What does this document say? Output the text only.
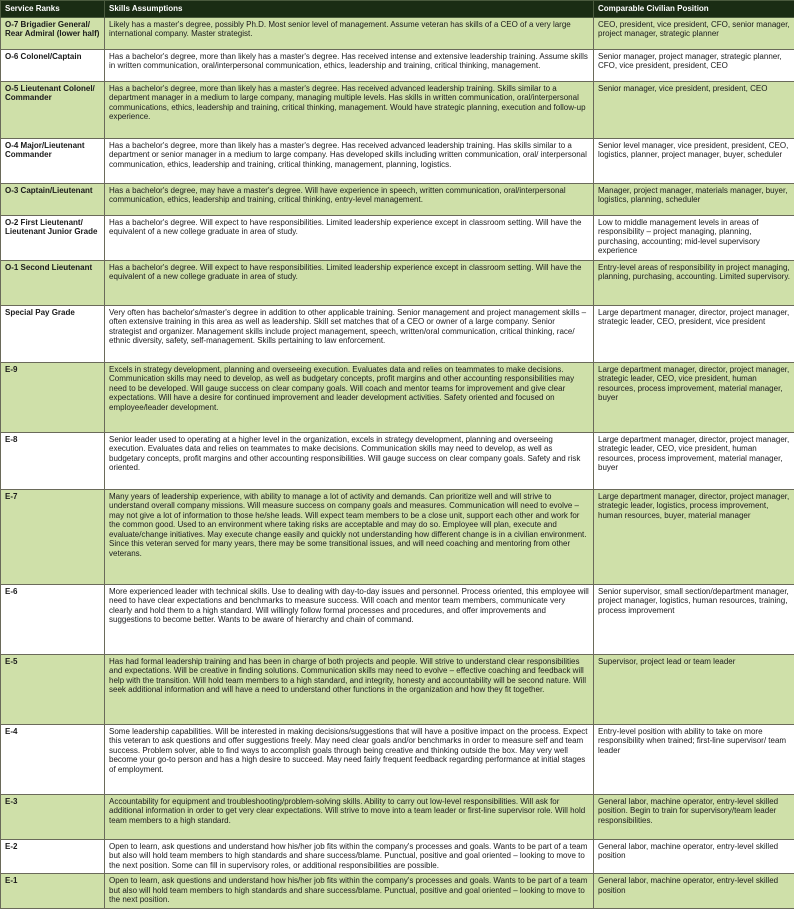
Service Ranks	Skills Assumptions	Comparable Civilian Position
O-7 Brigadier General/ Rear Admiral (lower half)	Likely has a master's degree, possibly Ph.D. Most senior level of management. Assume veteran has skills of a CEO of a very large international company. Master strategist.	CEO, president, vice president, CFO, senior manager, project manager, strategic planner
O-6 Colonel/Captain	Has a bachelor's degree, more than likely has a master's degree. Has received intense and extensive leadership training. Assume skills in written communication, oral/interpersonal communication, ethics, leadership and training, critical thinking, management.	Senior manager, project manager, strategic planner, CFO, vice president, president, CEO
O-5 Lieutenant Colonel/ Commander	Has a bachelor's degree, more than likely has a master's degree. Has received advanced leadership training. Skills similar to a department manager in a medium to large company, managing multiple levels. Has skills in written communication, oral/interpersonal communications, ethics, leadership and training, critical thinking, management. Would have strategic planning, execution and follow-up experience.	Senior manager, vice president, president, CEO
O-4 Major/Lieutenant Commander	Has a bachelor's degree, more than likely has a master's degree. Has received advanced leadership training. Has skills similar to a department or senior manager in a medium to large company. Has developed skills including written communication, oral/ interpersonal communication, ethics, leadership and training, critical thinking, management, planning, logistics.	Senior level manager, vice president, president, CEO, logistics, planner, project manager, buyer, scheduler
O-3 Captain/Lieutenant	Has a bachelor's degree, may have a master's degree. Will have experience in speech, written communication, oral/interpersonal communication, ethics, leadership and training, critical thinking, entry-level management.	Manager, project manager, materials manager, buyer, logistics, planning, scheduler
O-2 First Lieutenant/ Lieutenant Junior Grade	Has a bachelor's degree. Will expect to have responsibilities. Limited leadership experience except in classroom setting. Will have the equivalent of a new college graduate in area of study.	Low to middle management levels in areas of responsibility – project managing, planning, purchasing, accounting; mid-level supervisory experience
O-1 Second Lieutenant	Has a bachelor's degree. Will expect to have responsibilities. Limited leadership experience except in classroom setting. Will have the equivalent of a new college graduate in area of study.	Entry-level areas of responsibility in project managing, planning, purchasing, accounting. Limited supervisory.
Special Pay Grade	Very often has bachelor's/master's degree in addition to other applicable training. Senior management and project management skills – often extensive training in this area as well as leadership. Skill set matches that of a CEO or owner of a large company. Senior strategist and organizer. Management skills include project management, speech, written/oral communication, critical thinking, race/ ethnic diversity, safety, self-management. Skills pertaining to law enforcement.	Large department manager, director, project manager, strategic leader, CEO, president, vice president
E-9	Excels in strategy development, planning and overseeing execution. Evaluates data and relies on teammates to make decisions. Communication skills may need to develop, as well as budgetary concepts, profit margins and other accounting responsibilities may need to be developed. Will gauge success on clear company goals. Will coach and mentor teams for improvement and give clear expectations. Will have a desire for continued improvement and leader development activities. Safety oriented and focused on employee/leader development.	Large department manager, director, project manager, strategic leader, CEO, vice president, human resources, process improvement, material manager, buyer
E-8	Senior leader used to operating at a higher level in the organization, excels in strategy development, planning and overseeing execution. Evaluates data and relies on teammates to make decisions. Communication skills may need to develop, as well as budgetary concepts, profit margins and other accounting responsibilities. Will gauge success on clear company goals. Safety and risk oriented.	Large department manager, director, project manager, strategic leader, CEO, vice president, human resources, process improvement, material manager, buyer
E-7	Many years of leadership experience, with ability to manage a lot of activity and demands. Can prioritize well and will strive to understand overall company missions. Will measure success on company goals and measures. Communication will need to evolve – may not give a lot of information to those he/she leads. Will expect team members to be a close unit, support each other and work for the common good. Used to an environment where taking risks are acceptable and may do so. Employee will plan, execute and evaluate/change initiatives. May execute change easily and quickly not understanding how different change is in a civilian environment. Since this veteran served for many years, there may be some transitional issues, and will need coaching and mentoring from other veterans.	Large department manager, director, project manager, strategic leader, logistics, process improvement, human resources, buyer, material manager
E-6	More experienced leader with technical skills. Use to dealing with day-to-day issues and personnel. Process oriented, this employee will need to have clear expectations and benchmarks to measure success. Will coach and mentor team members, communicate very clearly and hold them to a high standard. Will willingly follow formal processes and procedures, and offer improvements and suggestions to become better. Wants to be aware of hierarchy and chain of command.	Senior supervisor, small section/department manager, project manager, logistics, human resources, training, process improvement
E-5	Has had formal leadership training and has been in charge of both projects and people. Will strive to understand clear responsibilities and expectations. Will be creative in finding solutions. Communication skills may need to evolve – effective coaching and feedback will help with the transition. Will hold team members to a high standard, and integrity, honesty and accountability will be second nature. Will seek additional information and will have a need to understand other functions in the organization and how they fit together.	Supervisor, project lead or team leader
E-4	Some leadership capabilities. Will be interested in making decisions/suggestions that will have a positive impact on the process. Expect this veteran to ask questions and offer suggestions freely. May need clear goals and/or benchmarks in order to measure self and team success. Problem solver, able to find ways to accomplish goals through being creative and thinking outside the box. May very well become your go-to person and has a high desire to succeed. May need fairly frequent feedback regarding performance at initial stages of employment.	Entry-level position with ability to take on more responsibility when trained; first-line supervisor/ team leader
E-3	Accountability for equipment and troubleshooting/problem-solving skills. Ability to carry out low-level responsibilities. Will ask for additional information in order to get very clear expectations. Will strive to move into a team leader or first-line supervisor role. Will hold team members to a high standard.	General labor, machine operator, entry-level skilled position. Begin to train for supervisory/team leader responsibilities.
E-2	Open to learn, ask questions and understand how his/her job fits within the company's processes and goals. Wants to be part of a team but also will hold team members to high standards and share success/blame. Punctual, positive and goal oriented – looking to move to the next position. Some can fill in supervisory roles, or additional responsibilities are possible.	General labor, machine operator, entry-level skilled position
E-1	Open to learn, ask questions and understand how his/her job fits within the company's processes and goals. Wants to be part of a team but also will hold team members to high standards and share success/blame. Punctual, positive and goal oriented – looking to move to the next position.	General labor, machine operator, entry-level skilled position
